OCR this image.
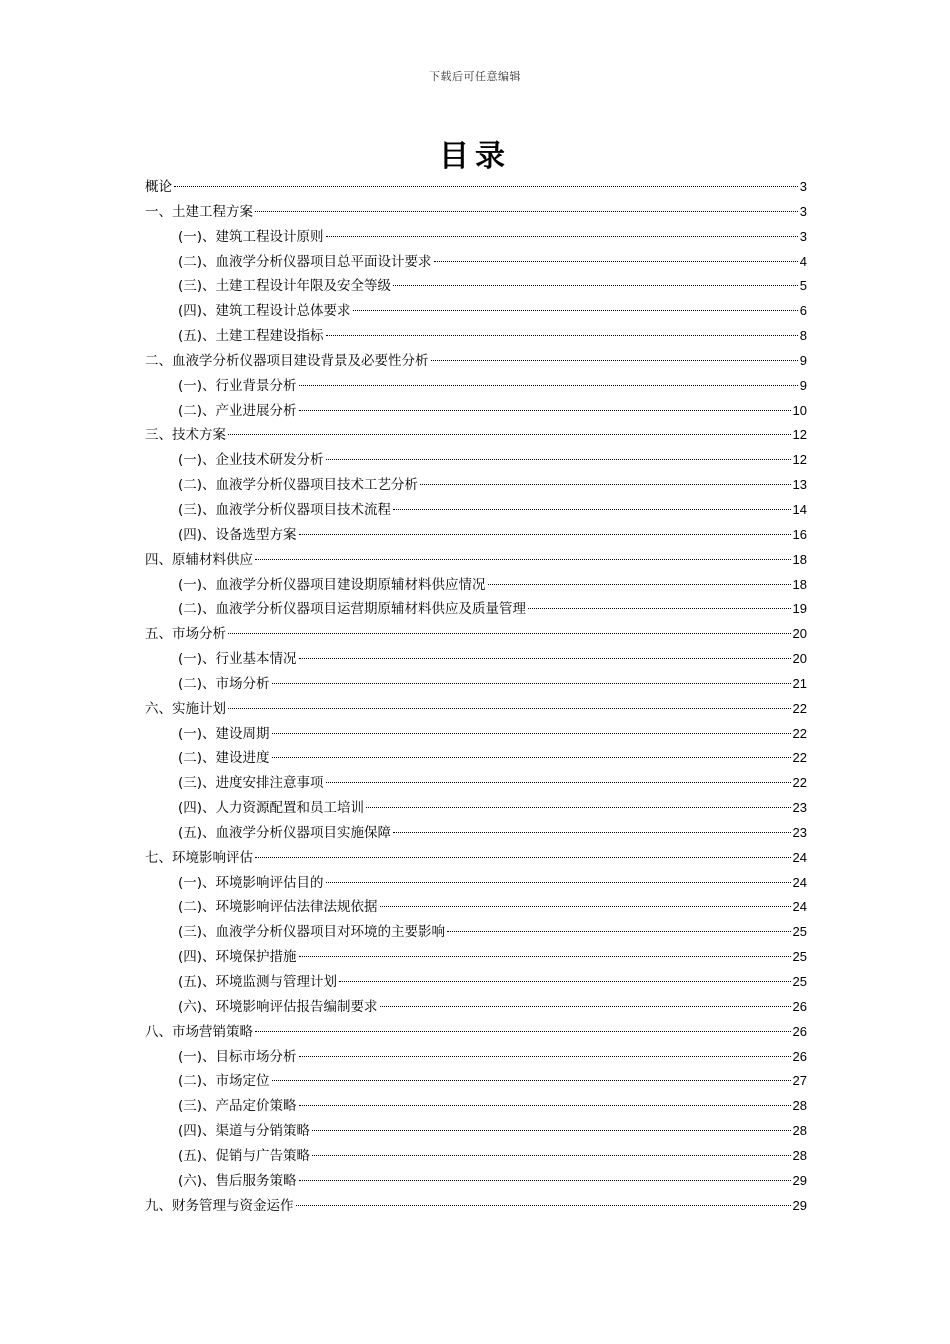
下载后可任意编辑
目录
概论	3
一、土建工程方案	3
(一)、建筑工程设计原则	3
(二)、血液学分析仪器项目总平面设计要求	4
(三)、土建工程设计年限及安全等级	5
(四)、建筑工程设计总体要求	6
(五)、土建工程建设指标	8
二、血液学分析仪器项目建设背景及必要性分析	9
(一)、行业背景分析	9
(二)、产业进展分析	10
三、技术方案	12
(一)、企业技术研发分析	12
(二)、血液学分析仪器项目技术工艺分析	13
(三)、血液学分析仪器项目技术流程	14
(四)、设备选型方案	16
四、原辅材料供应	18
(一)、血液学分析仪器项目建设期原辅材料供应情况	18
(二)、血液学分析仪器项目运营期原辅材料供应及质量管理	19
五、市场分析	20
(一)、行业基本情况	20
(二)、市场分析	21
六、实施计划	22
(一)、建设周期	22
(二)、建设进度	22
(三)、进度安排注意事项	22
(四)、人力资源配置和员工培训	23
(五)、血液学分析仪器项目实施保障	23
七、环境影响评估	24
(一)、环境影响评估目的	24
(二)、环境影响评估法律法规依据	24
(三)、血液学分析仪器项目对环境的主要影响	25
(四)、环境保护措施	25
(五)、环境监测与管理计划	25
(六)、环境影响评估报告编制要求	26
八、市场营销策略	26
(一)、目标市场分析	26
(二)、市场定位	27
(三)、产品定价策略	28
(四)、渠道与分销策略	28
(五)、促销与广告策略	28
(六)、售后服务策略	29
九、财务管理与资金运作	29
